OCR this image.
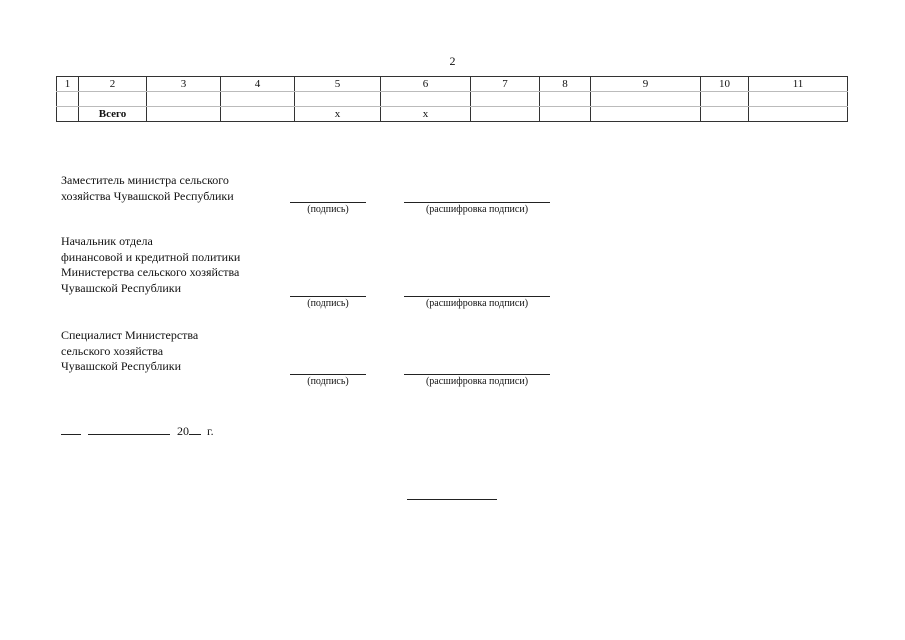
2
1	2	3	4	5	6	7	8	9	10	11

	Всего			x	x					
Заместитель министра сельского
хозяйства Чувашской Республики
(подпись)	(расшифровка подписи)
Начальник отдела
финансовой и кредитной политики
Министерства сельского хозяйства
Чувашской Республики
(подпись)	(расшифровка подписи)
Специалист Министерства
сельского хозяйства
Чувашской Республики
(подпись)	(расшифровка подписи)
20 г.
